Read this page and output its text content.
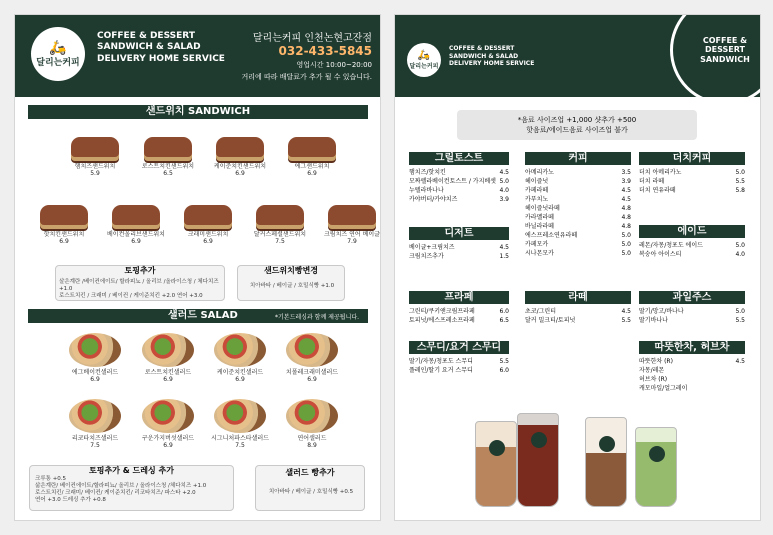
🛵
달리는커피
COFFEE & DESSERT
SANDWICH & SALAD
DELIVERY HOME SERVICE
달리는커피 인천논현고잔점
032-433-5845
영업시간 10:00~20:00
거리에 따라 배달료가 추가 될 수 있습니다.
샌드위치 SANDWICH
햄치즈샌드위치
5.9
로스트치킨샌드위치
6.5
케이준치킨샌드위치
6.9
에그샌드위치
6.9
핫치킨샌드위치
6.9
베이컨올리브샌드위치
6.9
크래미샌드위치
6.9
달커스페셜샌드위치
7.5
크림치즈 연어 베이글
7.9
토핑추가
살은계란 /베이컨에이트/ 할라피뇨 / 올리브 /올라이스청 / 체다치즈 +1.0
로스트치킨 / 크래미 / 베이컨 / 케이준치킨 +2.0 연어 +3.0
샌드위치빵변경
치아바타 / 베이글 / 호밀식빵 +1.0
샐러드 SALAD	*기본드레싱과 함께 제공됩니다.
에그베이컨샐러드
6.9
로스트치킨샐러드
6.9
케이준치킨샐러드
6.9
치폴레크래미샐러드
6.9
리코타치즈샐러드
7.5
구운가지버섯샐러드
6.9
시그니처파스타샐러드
7.5
연어샐러드
8.9
토핑추가 & 드레싱 추가
크루통 +0.5
삶은계란/ 베이컨에이트/할라피뇨/ 올리브 / 올라이스청 /체다치즈 +1.0
로스트치킨/ 크래미/ 베이컨/ 케이준치킨/ 리코타치즈/ 파스타 +2.0
연어 +3.0 드레싱 추가 +0.8
샐러드 빵추가
치아바타 / 베이글 / 호밀식빵 +0.5
🛵
달리는커피
COFFEE & DESSERT
SANDWICH & SALAD
DELIVERY HOME SERVICE
COFFEE & DESSERT SANDWICH
*음료 사이즈업 +1,000 샷추가 +500
핫음료/에이드음료 사이즈업 불가
그릴토스트
햄치즈/핫치킨	4.5
모짜렐라베이컨토스트 / 가지베셋 5.0
누텔라바나나	4.0
카야버터/카야치즈	3.9
디저트
베이글+크림치즈	4.5
크림치즈추가	1.5
프라페
그린티/쿠키앤크림프라페	6.0
토피넛/에스프레소프라페	6.5
스무디/요거 스무디
딸기/자몽/청포도 스무디	5.5
플레인/딸기 요거 스무디	6.0
커피
아메리카노	3.5
헤이즐넛	3.9
카페라떼	4.5
카푸치노	4.5
헤이즐넛라떼	4.8
카라멜라떼	4.8
바닐라라떼	4.8
에스프레소연유라떼	5.0
카페모카	5.0
시나몬모카	5.0
라떼
초코/그린티	4.5
달커 밀크티/토피넛	5.5
더치커피
더치 아메리카노	5.0
더치 라떼	5.5
더치 연유라떼	5.8
에이드
레몬/자몽/청포도 에이드	5.0
복숭아 아이스티	4.0
과일주스
딸기/망고/바나나	5.0
딸기바나나	5.5
따뜻한차, 허브차
따뜻한차 (R)	4.5
자몽/레몬
허브차 (R)
캐모마일/얼그레이
